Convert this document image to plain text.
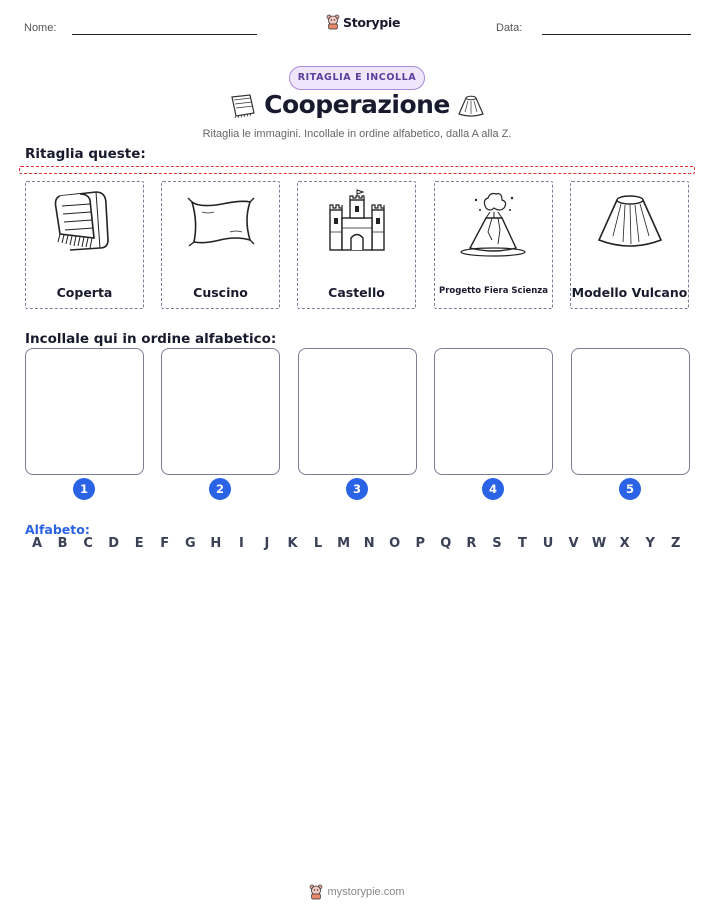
Nome:	Storypie	Data:
RITAGLIA E INCOLLA
Cooperazione
Ritaglia le immagini. Incollale in ordine alfabetico, dalla A alla Z.
Ritaglia queste:
Coperta	Cuscino	Castello	Progetto Fiera Scienza	Modello Vulcano
Incollale qui in ordine alfabetico:
1	2	3	4	5
Alfabeto:
A	B	C	D	E	F	G	H	I	J	K	L	M	N	O	P	Q	R	S	T	U	V	W	X	Y	Z
mystorypie.com
